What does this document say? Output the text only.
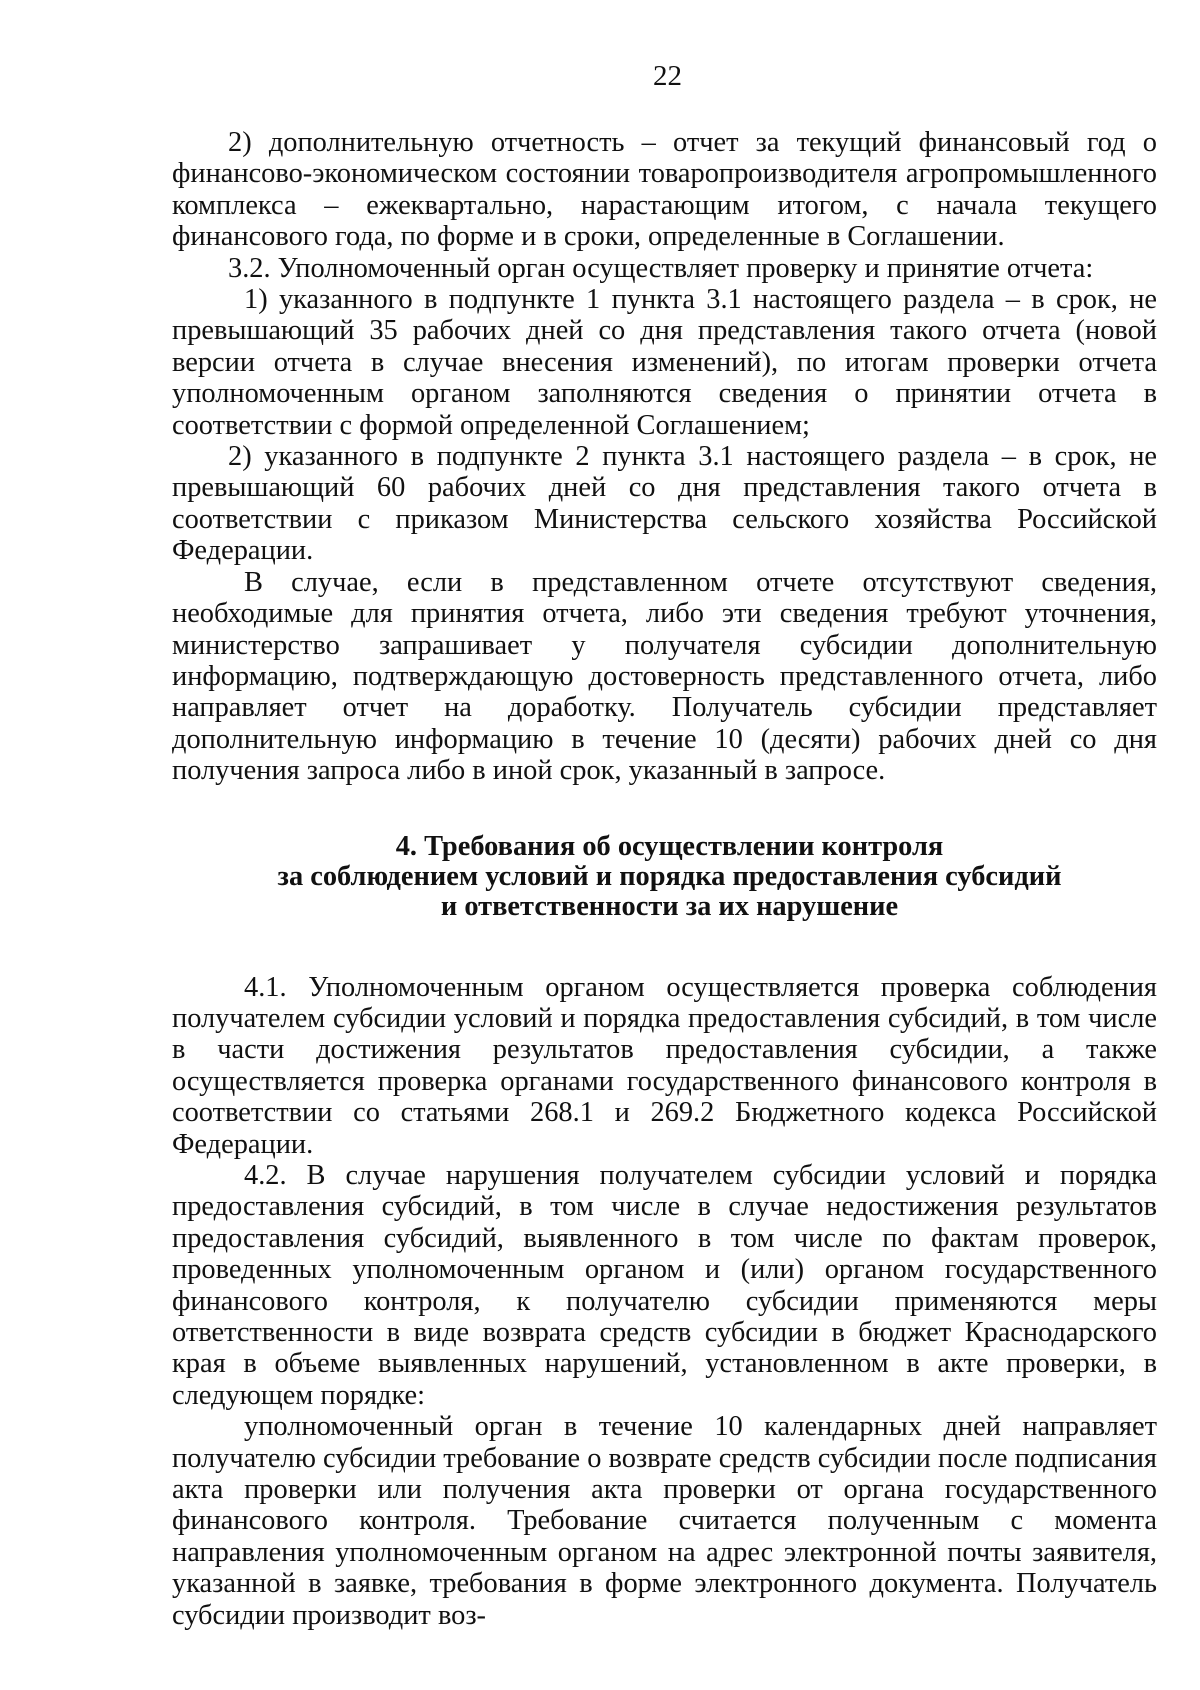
22

2) дополнительную отчетность – отчет за текущий финансовый год о финансово-экономическом состоянии товаропроизводителя агропромышленного комплекса – ежеквартально, нарастающим итогом, с начала текущего финансового года, по форме и в сроки, определенные в Соглашении.

3.2. Уполномоченный орган осуществляет проверку и принятие отчета:

1) указанного в подпункте 1 пункта 3.1 настоящего раздела – в срок, не превышающий 35 рабочих дней со дня представления такого отчета (новой версии отчета в случае внесения изменений), по итогам проверки отчета уполномоченным органом заполняются сведения о принятии отчета в соответствии с формой определенной Соглашением;

2) указанного в подпункте 2 пункта 3.1 настоящего раздела – в срок, не превышающий 60 рабочих дней со дня представления такого отчета в соответствии с приказом Министерства сельского хозяйства Российской Федерации.

В случае, если в представленном отчете отсутствуют сведения, необходимые для принятия отчета, либо эти сведения требуют уточнения, министерство запрашивает у получателя субсидии дополнительную информацию, подтверждающую достоверность представленного отчета, либо направляет отчет на доработку. Получатель субсидии представляет дополнительную информацию в течение 10 (десяти) рабочих дней со дня получения запроса либо в иной срок, указанный в запросе.

4. Требования об осуществлении контроля
за соблюдением условий и порядка предоставления субсидий
и ответственности за их нарушение

4.1. Уполномоченным органом осуществляется проверка соблюдения получателем субсидии условий и порядка предоставления субсидий, в том числе в части достижения результатов предоставления субсидии, а также осуществляется проверка органами государственного финансового контроля в соответствии со статьями 268.1 и 269.2 Бюджетного кодекса Российской Федерации.

4.2. В случае нарушения получателем субсидии условий и порядка предоставления субсидий, в том числе в случае недостижения результатов предоставления субсидий, выявленного в том числе по фактам проверок, проведенных уполномоченным органом и (или) органом государственного финансового контроля, к получателю субсидии применяются меры ответственности в виде возврата средств субсидии в бюджет Краснодарского края в объеме выявленных нарушений, установленном в акте проверки, в следующем порядке:

уполномоченный орган в течение 10 календарных дней направляет получателю субсидии требование о возврате средств субсидии после подписания акта проверки или получения акта проверки от органа государственного финансового контроля. Требование считается полученным с момента направления уполномоченным органом на адрес электронной почты заявителя, указанной в заявке, требования в форме электронного документа. Получатель субсидии производит воз-
